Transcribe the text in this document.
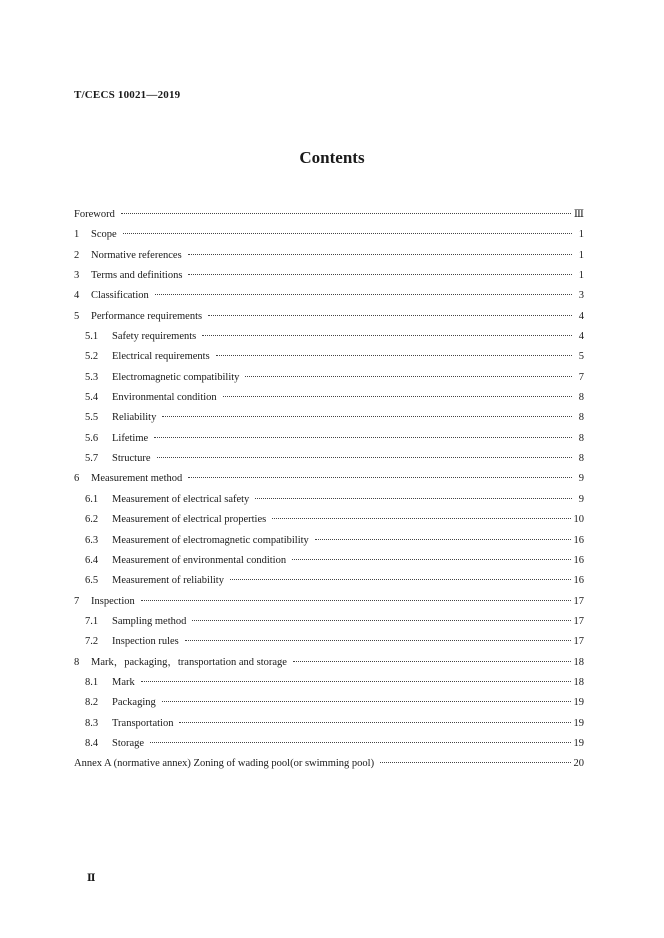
T/CECS 10021—2019
Contents
Foreword	Ⅲ
1	Scope	1
2	Normative references	1
3	Terms and definitions	1
4	Classification	3
5	Performance requirements	4
5.1	Safety requirements	4
5.2	Electrical requirements	5
5.3	Electromagnetic compatibility	7
5.4	Environmental condition	8
5.5	Reliability	8
5.6	Lifetime	8
5.7	Structure	8
6	Measurement method	9
6.1	Measurement of electrical safety	9
6.2	Measurement of electrical properties	10
6.3	Measurement of electromagnetic compatibility	16
6.4	Measurement of environmental condition	16
6.5	Measurement of reliability	16
7	Inspection	17
7.1	Sampling method	17
7.2	Inspection rules	17
8	Mark，packaging，transportation and storage	18
8.1	Mark	18
8.2	Packaging	19
8.3	Transportation	19
8.4	Storage	19
Annex A (normative annex) Zoning of wading pool(or swimming pool)	20
Ⅱ
